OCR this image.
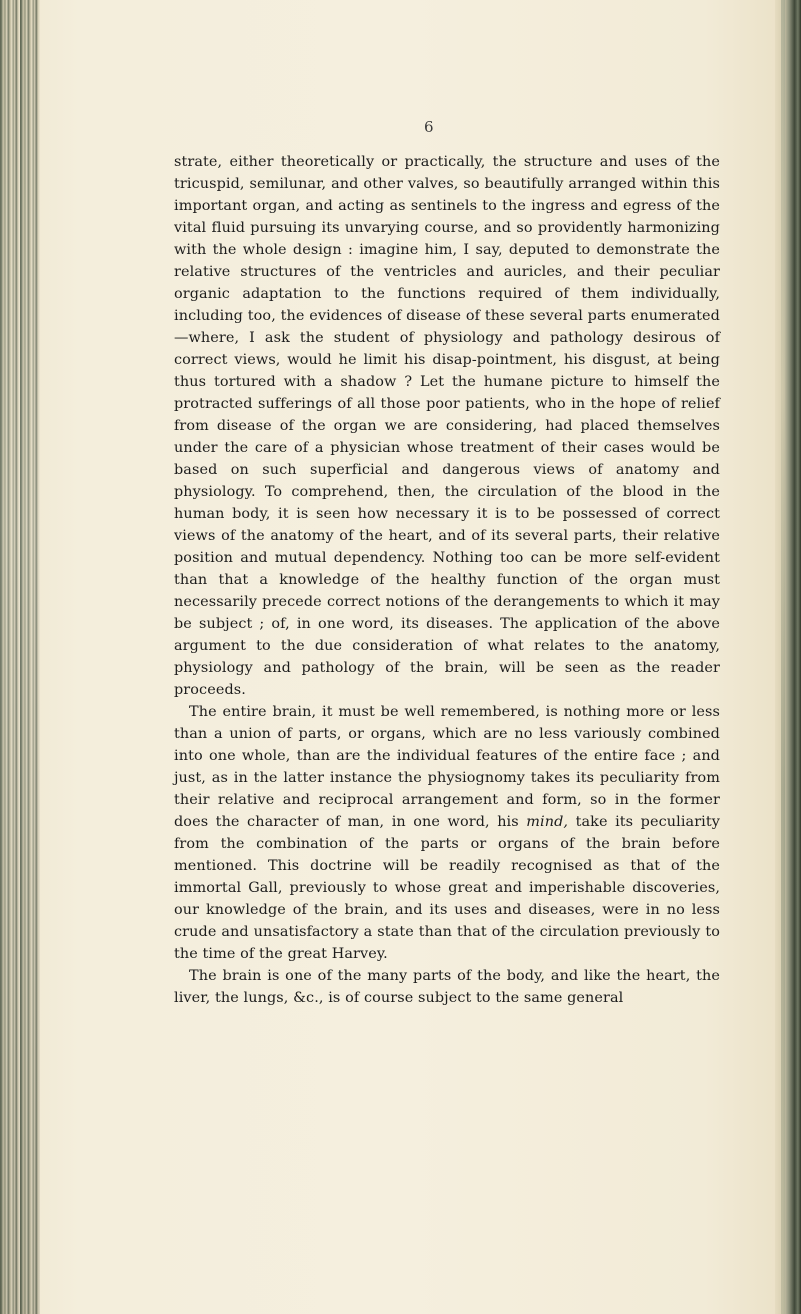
6

strate, either theoretically or practically, the structure and uses of the tricuspid, semilunar, and other valves, so beautifully arranged within this important organ, and acting as sentinels to the ingress and egress of the vital fluid pursuing its unvarying course, and so providently harmonizing with the whole design : imagine him, I say, deputed to demonstrate the relative structures of the ventricles and auricles, and their peculiar organic adaptation to the functions required of them individually, including too, the evidences of disease of these several parts enumerated—where, I ask the student of physiology and pathology desirous of correct views, would he limit his disap-pointment, his disgust, at being thus tortured with a shadow ? Let the humane picture to himself the protracted sufferings of all those poor patients, who in the hope of relief from disease of the organ we are considering, had placed themselves under the care of a physician whose treatment of their cases would be based on such superficial and dangerous views of anatomy and physiology. To comprehend, then, the circulation of the blood in the human body, it is seen how necessary it is to be possessed of correct views of the anatomy of the heart, and of its several parts, their relative position and mutual dependency. Nothing too can be more self-evident than that a knowledge of the healthy function of the organ must necessarily precede correct notions of the derangements to which it may be subject ; of, in one word, its diseases. The application of the above argument to the due consideration of what relates to the anatomy, physiology and pathology of the brain, will be seen as the reader proceeds.

The entire brain, it must be well remembered, is nothing more or less than a union of parts, or organs, which are no less variously combined into one whole, than are the individual features of the entire face ; and just, as in the latter instance the physiognomy takes its peculiarity from their relative and reciprocal arrangement and form, so in the former does the character of man, in one word, his mind, take its peculiarity from the combination of the parts or organs of the brain before mentioned. This doctrine will be readily recognised as that of the immortal Gall, previously to whose great and imperishable discoveries, our knowledge of the brain, and its uses and diseases, were in no less crude and unsatisfactory a state than that of the circulation previously to the time of the great Harvey.

The brain is one of the many parts of the body, and like the heart, the liver, the lungs, &c., is of course subject to the same general
